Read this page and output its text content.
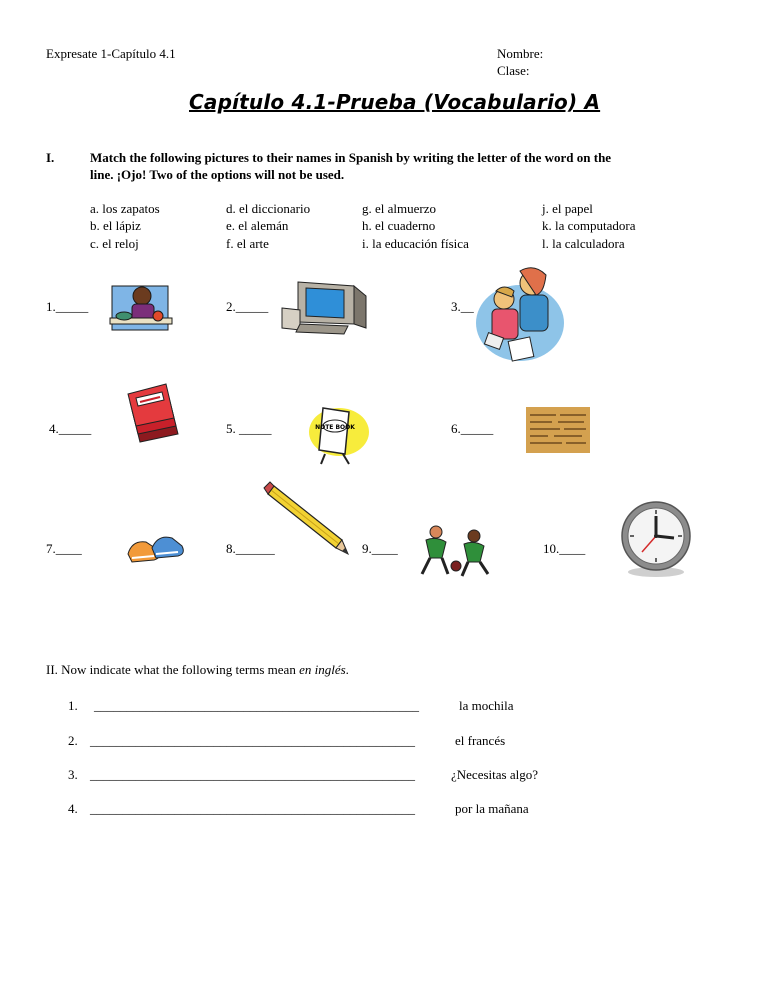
Expresate 1-Capítulo 4.1	Nombre:
Clase:
Capítulo 4.1-Prueba (Vocabulario) A
I.	Match the following pictures to their names in Spanish by writing the letter of the word on the
line. ¡Ojo! Two of the options will not be used.
a. los zapatos
b. el lápiz
c. el reloj
d. el diccionario
e. el alemán
f. el arte
g. el almuerzo
h. el cuaderno
i. la educación física
j. el papel
k. la computadora
l. la calculadora
1._____	2._____	3.__
4._____	5. _____	6._____
7.____	8.______	9.____	10.____
NOTE BOOK
II. Now indicate what the following terms mean en inglés.
1. __________________________________________________	la mochila
2. __________________________________________________	el francés
3. __________________________________________________	¿Necesitas algo?
4. __________________________________________________	por la mañana
